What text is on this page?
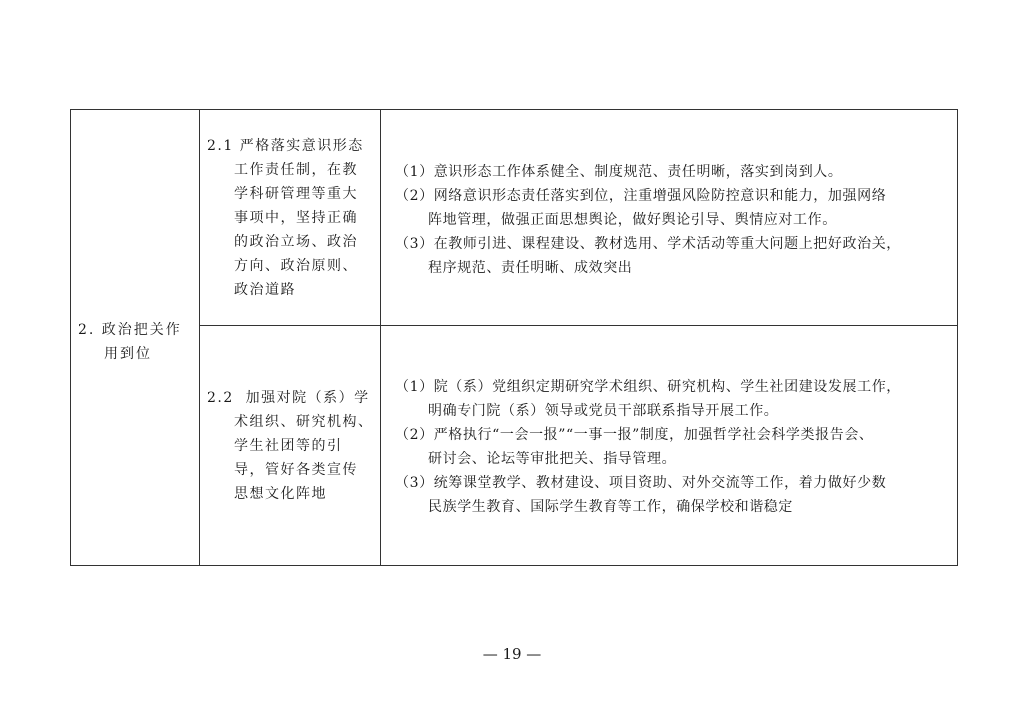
2. 政治把关作
用到位
2.1 严格落实意识形态
工作责任制，在教
学科研管理等重大
事项中，坚持正确
的政治立场、政治
方向、政治原则、
政治道路
（1）意识形态工作体系健全、制度规范、责任明晰，落实到岗到人。
（2）网络意识形态责任落实到位，注重增强风险防控意识和能力，加强网络
阵地管理，做强正面思想舆论，做好舆论引导、舆情应对工作。
（3）在教师引进、课程建设、教材选用、学术活动等重大问题上把好政治关，
程序规范、责任明晰、成效突出
2.2 加强对院（系）学
术组织、研究机构、
学生社团等的引
导，管好各类宣传
思想文化阵地
（1）院（系）党组织定期研究学术组织、研究机构、学生社团建设发展工作，
明确专门院（系）领导或党员干部联系指导开展工作。
（2）严格执行“一会一报”“一事一报”制度，加强哲学社会科学类报告会、
研讨会、论坛等审批把关、指导管理。
（3）统筹课堂教学、教材建设、项目资助、对外交流等工作，着力做好少数
民族学生教育、国际学生教育等工作，确保学校和谐稳定
— 19 —
